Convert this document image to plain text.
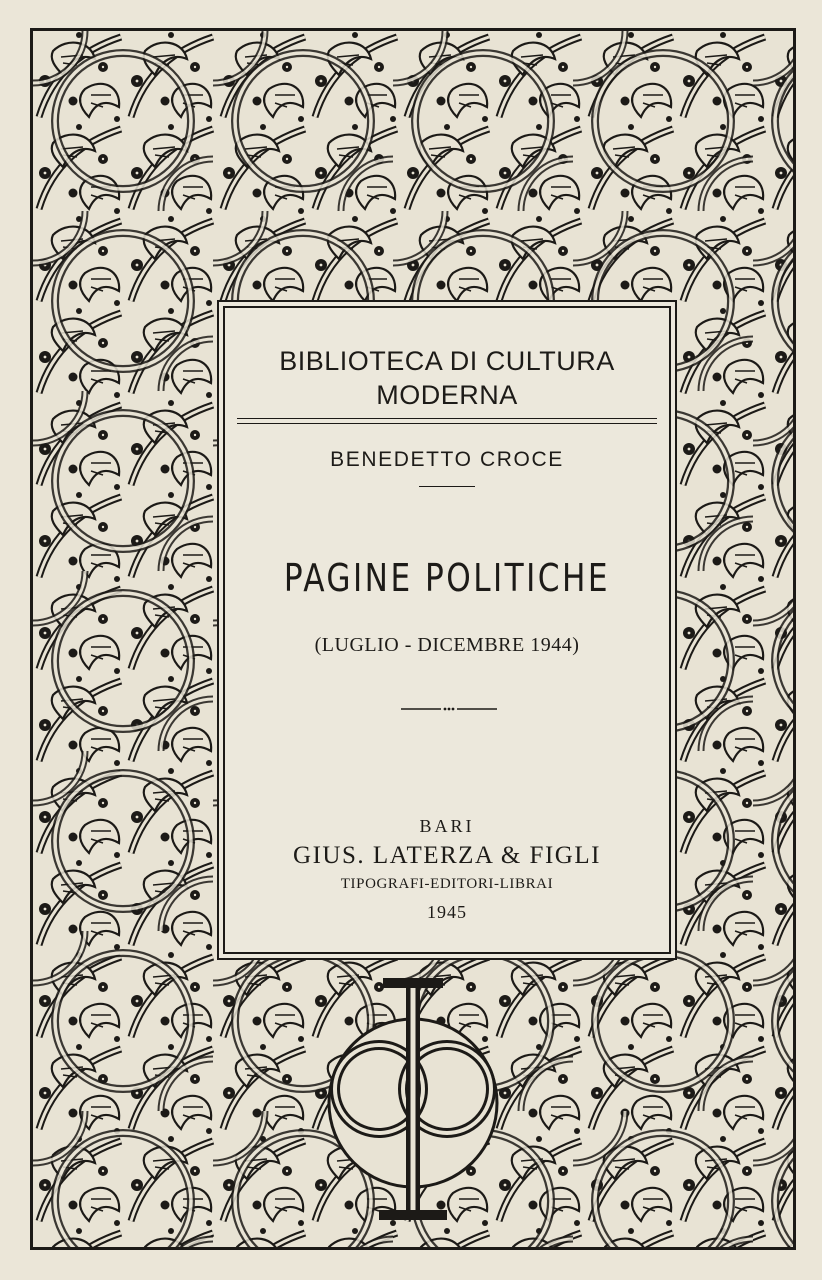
BIBLIOTECA DI CULTURA
MODERNA
BENEDETTO CROCE
PAGINE POLITICHE
(LUGLIO - DICEMBRE 1944)
BARI
GIUS. LATERZA & FIGLI
TIPOGRAFI-EDITORI-LIBRAI
1945
